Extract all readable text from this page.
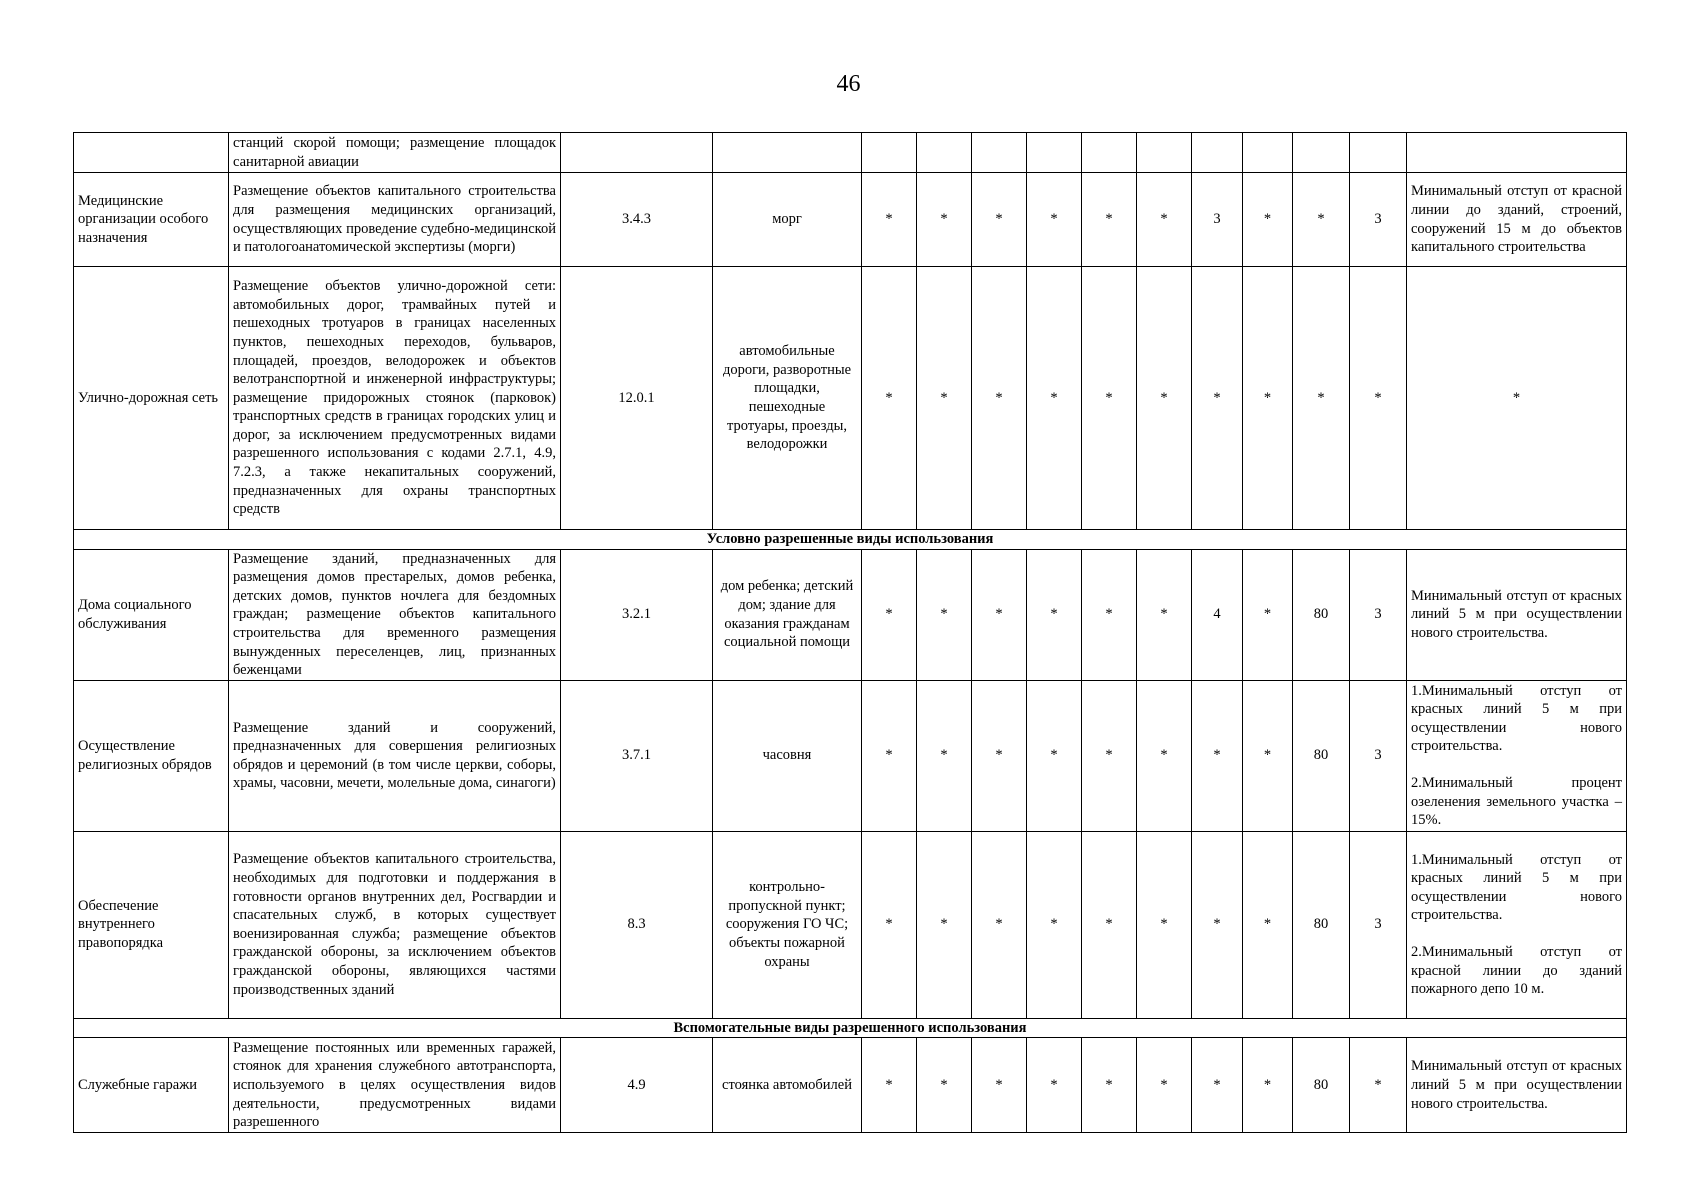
46
	станций скорой помощи; размещение площадок санитарной авиации													

Медицинские организации особого назначения	Размещение объектов капитального строительства для размещения медицинских организаций, осуществляющих проведение судебно-медицинской и патологоанатомической экспертизы (морги)	3.4.3	морг	*	*	*	*	*	*	3	*	*	3	Минимальный отступ от красной линии до зданий, строений, сооружений 15 м до объектов капитального строительства

Улично-дорожная сеть	Размещение объектов улично-дорожной сети: автомобильных дорог, трамвайных путей и пешеходных тротуаров в границах населенных пунктов, пешеходных переходов, бульваров, площадей, проездов, велодорожек и объектов велотранспортной и инженерной инфраструктуры; размещение придорожных стоянок (парковок) транспортных средств в границах городских улиц и дорог, за исключением предусмотренных видами разрешенного использования с кодами 2.7.1, 4.9, 7.2.3, а также некапитальных сооружений, предназначенных для охраны транспортных средств	12.0.1	автомобильные дороги, разворотные площадки, пешеходные тротуары, проезды, велодорожки	*	*	*	*	*	*	*	*	*	*	*

Условно разрешенные виды использования														
Дома социального обслуживания	Размещение зданий, предназначенных для размещения домов престарелых, домов ребенка, детских домов, пунктов ночлега для бездомных граждан; размещение объектов капитального строительства для временного размещения вынужденных переселенцев, лиц, признанных беженцами	3.2.1	дом ребенка; детский дом; здание для оказания гражданам социальной помощи	*	*	*	*	*	*	4	*	80	3	Минимальный отступ от красных линий 5 м при осуществлении нового строительства.

Осуществление религиозных обрядов	Размещение зданий и сооружений, предназначенных для совершения религиозных обрядов и церемоний (в том числе церкви, соборы, храмы, часовни, мечети, молельные дома, синагоги)	3.7.1	часовня	*	*	*	*	*	*	*	*	80	3	1.Минимальный отступ от красных линий 5 м при осуществлении нового строительства.
2.Минимальный процент озеленения земельного участка – 15%.

Обеспечение внутреннего правопорядка	Размещение объектов капитального строительства, необходимых для подготовки и поддержания в готовности органов внутренних дел, Росгвардии и спасательных служб, в которых существует военизированная служба; размещение объектов гражданской обороны, за исключением объектов гражданской обороны, являющихся частями производственных зданий	8.3	контрольно-пропускной пункт; сооружения ГО ЧС; объекты пожарной охраны	*	*	*	*	*	*	*	*	80	3	1.Минимальный отступ от красных линий 5 м при осуществлении нового строительства.
2.Минимальный отступ от красной линии до зданий пожарного депо 10 м.

Вспомогательные виды разрешенного использования														
Служебные гаражи	Размещение постоянных или временных гаражей, стоянок для хранения служебного автотранспорта, используемого в целях осуществления видов деятельности, предусмотренных видами разрешенного	4.9	стоянка автомобилей	*	*	*	*	*	*	*	*	80	*	Минимальный отступ от красных линий 5 м при осуществлении нового строительства.
